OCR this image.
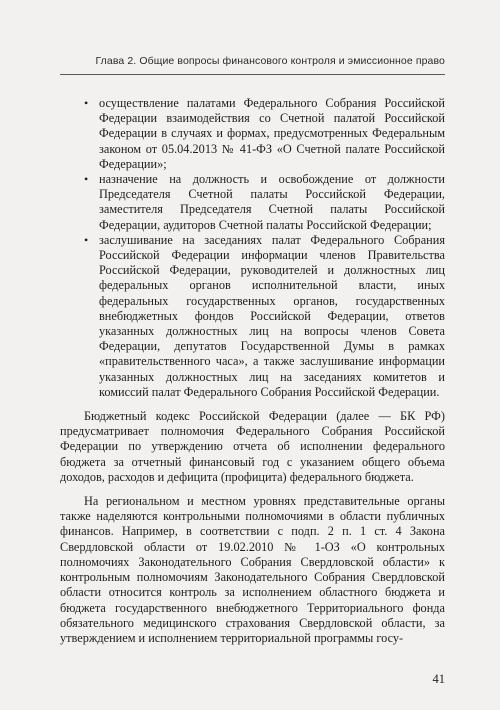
Глава 2. Общие вопросы финансового контроля и эмиссионное право
• осуществление палатами Федерального Собрания Российской Федерации взаимодействия со Счетной палатой Российской Федерации в случаях и формах, предусмотренных Федеральным законом от 05.04.2013 № 41-ФЗ «О Счетной палате Российской Федерации»;
• назначение на должность и освобождение от должности Председателя Счетной палаты Российской Федерации, заместителя Председателя Счетной палаты Российской Федерации, аудиторов Счетной палаты Российской Федерации;
• заслушивание на заседаниях палат Федерального Собрания Российской Федерации информации членов Правительства Российской Федерации, руководителей и должностных лиц федеральных органов исполнительной власти, иных федеральных государственных органов, государственных внебюджетных фондов Российской Федерации, ответов указанных должностных лиц на вопросы членов Совета Федерации, депутатов Государственной Думы в рамках «правительственного часа», а также заслушивание информации указанных должностных лиц на заседаниях комитетов и комиссий палат Федерального Собрания Российской Федерации.

Бюджетный кодекс Российской Федерации (далее — БК РФ) предусматривает полномочия Федерального Собрания Российской Федерации по утверждению отчета об исполнении федерального бюджета за отчетный финансовый год с указанием общего объема доходов, расходов и дефицита (профицита) федерального бюджета.

На региональном и местном уровнях представительные органы также наделяются контрольными полномочиями в области публичных финансов. Например, в соответствии с подп. 2 п. 1 ст. 4 Закона Свердловской области от 19.02.2010 № 1-ОЗ «О контрольных полномочиях Законодательного Собрания Свердловской области» к контрольным полномочиям Законодательного Собрания Свердловской области относится контроль за исполнением областного бюджета и бюджета государственного внебюджетного Территориального фонда обязательного медицинского страхования Свердловской области, за утверждением и исполнением территориальной программы госу-

41
